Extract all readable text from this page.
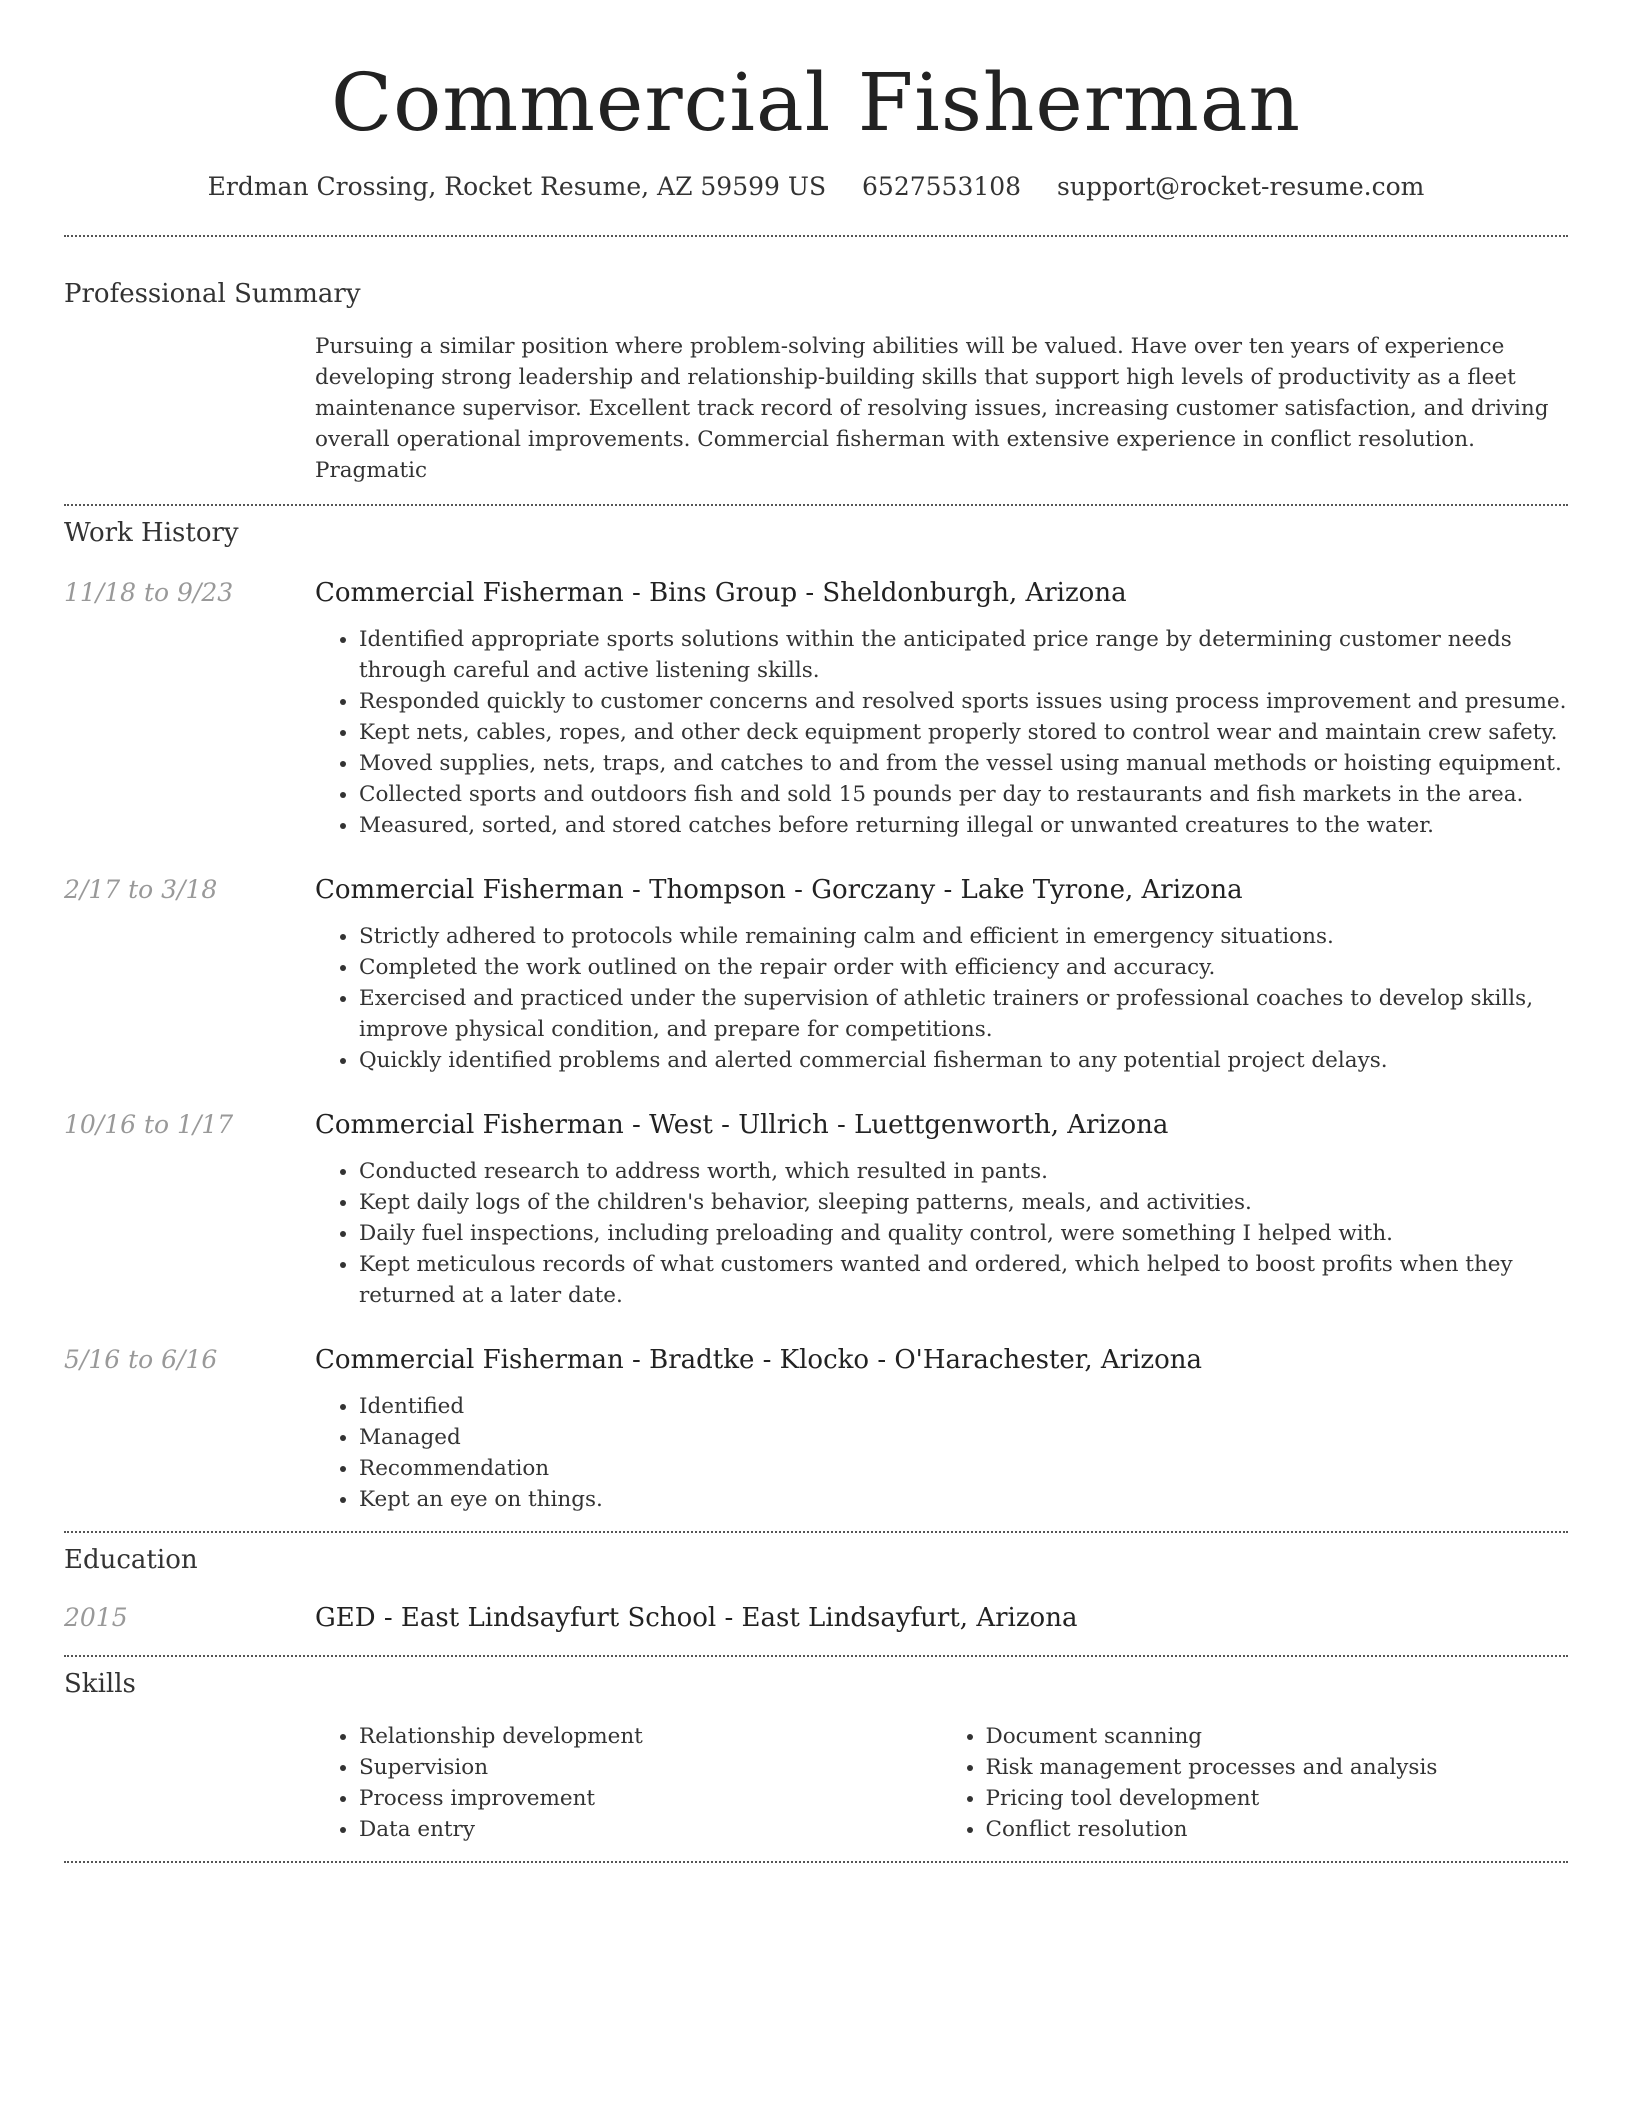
Commercial Fisherman
Erdman Crossing, Rocket Resume, AZ 59599 US 6527553108 support@rocket-resume.com
Professional Summary

Pursuing a similar position where problem-solving abilities will be valued. Have over ten years of experience developing strong leadership and relationship-building skills that support high levels of productivity as a fleet maintenance supervisor. Excellent track record of resolving issues, increasing customer satisfaction, and driving overall operational improvements. Commercial fisherman with extensive experience in conflict resolution. Pragmatic

Work History
11/18 to 9/23	Commercial Fisherman - Bins Group - Sheldonburgh, Arizona
• Identified appropriate sports solutions within the anticipated price range by determining customer needs through careful and active listening skills.
• Responded quickly to customer concerns and resolved sports issues using process improvement and presume.
• Kept nets, cables, ropes, and other deck equipment properly stored to control wear and maintain crew safety.
• Moved supplies, nets, traps, and catches to and from the vessel using manual methods or hoisting equipment.
• Collected sports and outdoors fish and sold 15 pounds per day to restaurants and fish markets in the area.
• Measured, sorted, and stored catches before returning illegal or unwanted creatures to the water.
2/17 to 3/18	Commercial Fisherman - Thompson - Gorczany - Lake Tyrone, Arizona
• Strictly adhered to protocols while remaining calm and efficient in emergency situations.
• Completed the work outlined on the repair order with efficiency and accuracy.
• Exercised and practiced under the supervision of athletic trainers or professional coaches to develop skills, improve physical condition, and prepare for competitions.
• Quickly identified problems and alerted commercial fisherman to any potential project delays.
10/16 to 1/17	Commercial Fisherman - West - Ullrich - Luettgenworth, Arizona
• Conducted research to address worth, which resulted in pants.
• Kept daily logs of the children's behavior, sleeping patterns, meals, and activities.
• Daily fuel inspections, including preloading and quality control, were something I helped with.
• Kept meticulous records of what customers wanted and ordered, which helped to boost profits when they returned at a later date.
5/16 to 6/16	Commercial Fisherman - Bradtke - Klocko - O'Harachester, Arizona
• Identified
• Managed
• Recommendation
• Kept an eye on things.
Education
2015	GED - East Lindsayfurt School - East Lindsayfurt, Arizona
Skills
• Relationship development
• Supervision
• Process improvement
• Data entry
• Document scanning
• Risk management processes and analysis
• Pricing tool development
• Conflict resolution
